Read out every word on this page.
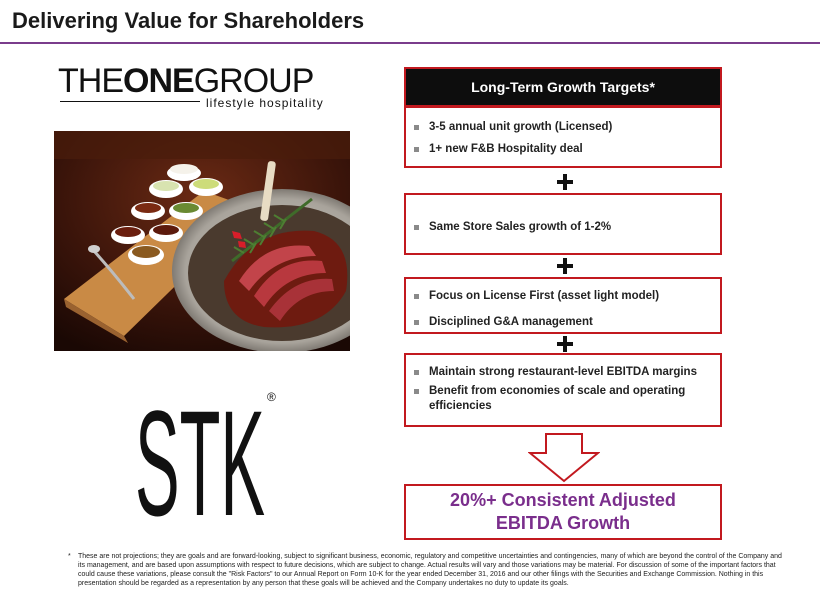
Delivering Value for Shareholders
THEONEGROUP
lifestyle hospitality
STK ®
Long-Term Growth Targets*
3-5 annual unit growth (Licensed)
1+ new F&B Hospitality deal
Same Store Sales growth of 1-2%
Focus on License First (asset light model)
Disciplined G&A management
Maintain strong restaurant-level EBITDA margins
Benefit from economies of scale and operating efficiencies
20%+ Consistent Adjusted
EBITDA Growth
* These are not projections; they are goals and are forward-looking, subject to significant business, economic, regulatory and competitive uncertainties and contingencies, many of which are beyond the control of the Company and its management, and are based upon assumptions with respect to future decisions, which are subject to change. Actual results will vary and those variations may be material. For discussion of some of the important factors that could cause these variations, please consult the "Risk Factors" to our Annual Report on Form 10-K for the year ended December 31, 2016 and our other filings with the Securities and Exchange Commission. Nothing in this presentation should be regarded as a representation by any person that these goals will be achieved and the Company undertakes no duty to update its goals.
